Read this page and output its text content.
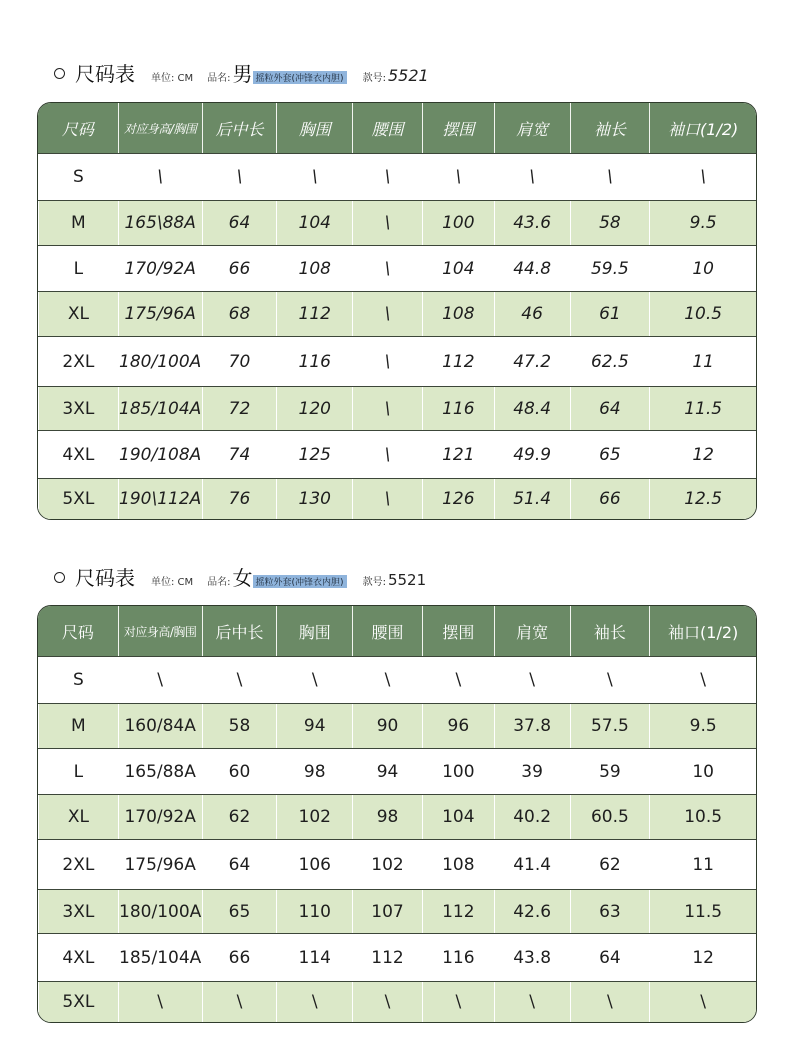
尺码表 单位: CM 品名: 男 摇粒外套(冲锋衣内胆)	款号: 5521
尺码	对应身高/胸围	后中长	胸围	腰围	摆围	肩宽	袖长	袖口(1/2)
S	\	\	\	\	\	\	\	\
M	165\88A	64	104	\	100	43.6	58	9.5
L	170/92A	66	108	\	104	44.8	59.5	10
XL	175/96A	68	112	\	108	46	61	10.5
2XL	180/100A	70	116	\	112	47.2	62.5	11
3XL	185/104A	72	120	\	116	48.4	64	11.5
4XL	190/108A	74	125	\	121	49.9	65	12
5XL	190\112A	76	130	\	126	51.4	66	12.5
尺码表 单位: CM 品名: 女 摇粒外套(冲锋衣内胆)	款号: 5521
尺码	对应身高/胸围	后中长	胸围	腰围	摆围	肩宽	袖长	袖口(1/2)
S	\	\	\	\	\	\	\	\
M	160/84A	58	94	90	96	37.8	57.5	9.5
L	165/88A	60	98	94	100	39	59	10
XL	170/92A	62	102	98	104	40.2	60.5	10.5
2XL	175/96A	64	106	102	108	41.4	62	11
3XL	180/100A	65	110	107	112	42.6	63	11.5
4XL	185/104A	66	114	112	116	43.8	64	12
5XL	\	\	\	\	\	\	\	\
